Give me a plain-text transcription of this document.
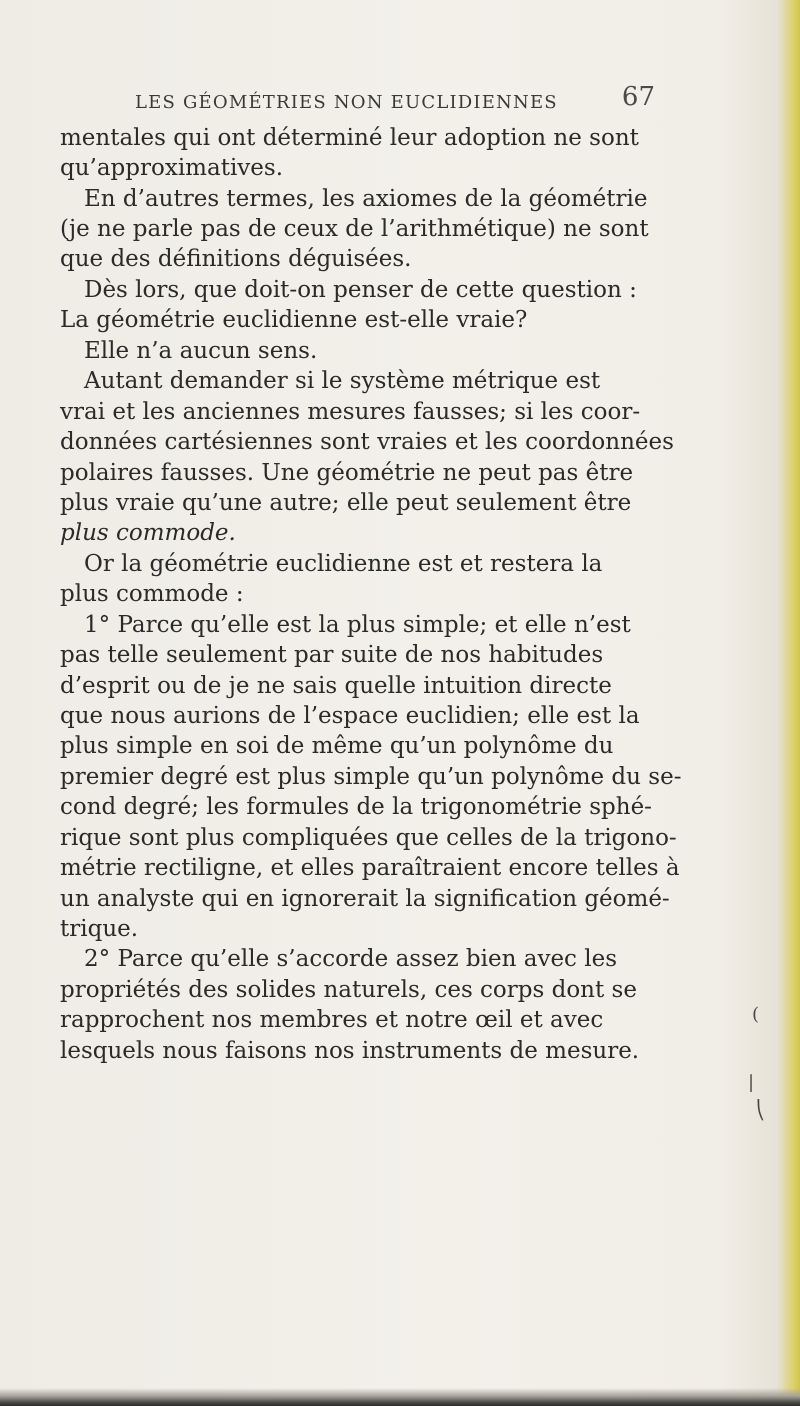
LES GÉOMÉTRIES NON EUCLIDIENNES 67
mentales qui ont déterminé leur adoption ne sont
qu’approximatives.
En d’autres termes, les axiomes de la géométrie
(je ne parle pas de ceux de l’arithmétique) ne sont
que des définitions déguisées.
Dès lors, que doit-on penser de cette question :
La géométrie euclidienne est-elle vraie?
Elle n’a aucun sens.
Autant demander si le système métrique est
vrai et les anciennes mesures fausses; si les coor-
données cartésiennes sont vraies et les coordonnées
polaires fausses. Une géométrie ne peut pas être
plus vraie qu’une autre; elle peut seulement être
plus commode.
Or la géométrie euclidienne est et restera la
plus commode :
1° Parce qu’elle est la plus simple; et elle n’est
pas telle seulement par suite de nos habitudes
d’esprit ou de je ne sais quelle intuition directe
que nous aurions de l’espace euclidien; elle est la
plus simple en soi de même qu’un polynôme du
premier degré est plus simple qu’un polynôme du se-
cond degré; les formules de la trigonométrie sphé-
rique sont plus compliquées que celles de la trigono-
métrie rectiligne, et elles paraîtraient encore telles à
un analyste qui en ignorerait la signification géomé-
trique.
2° Parce qu’elle s’accorde assez bien avec les
propriétés des solides naturels, ces corps dont se
rapprochent nos membres et notre œil et avec
lesquels nous faisons nos instruments de mesure.
(
|
⎝
